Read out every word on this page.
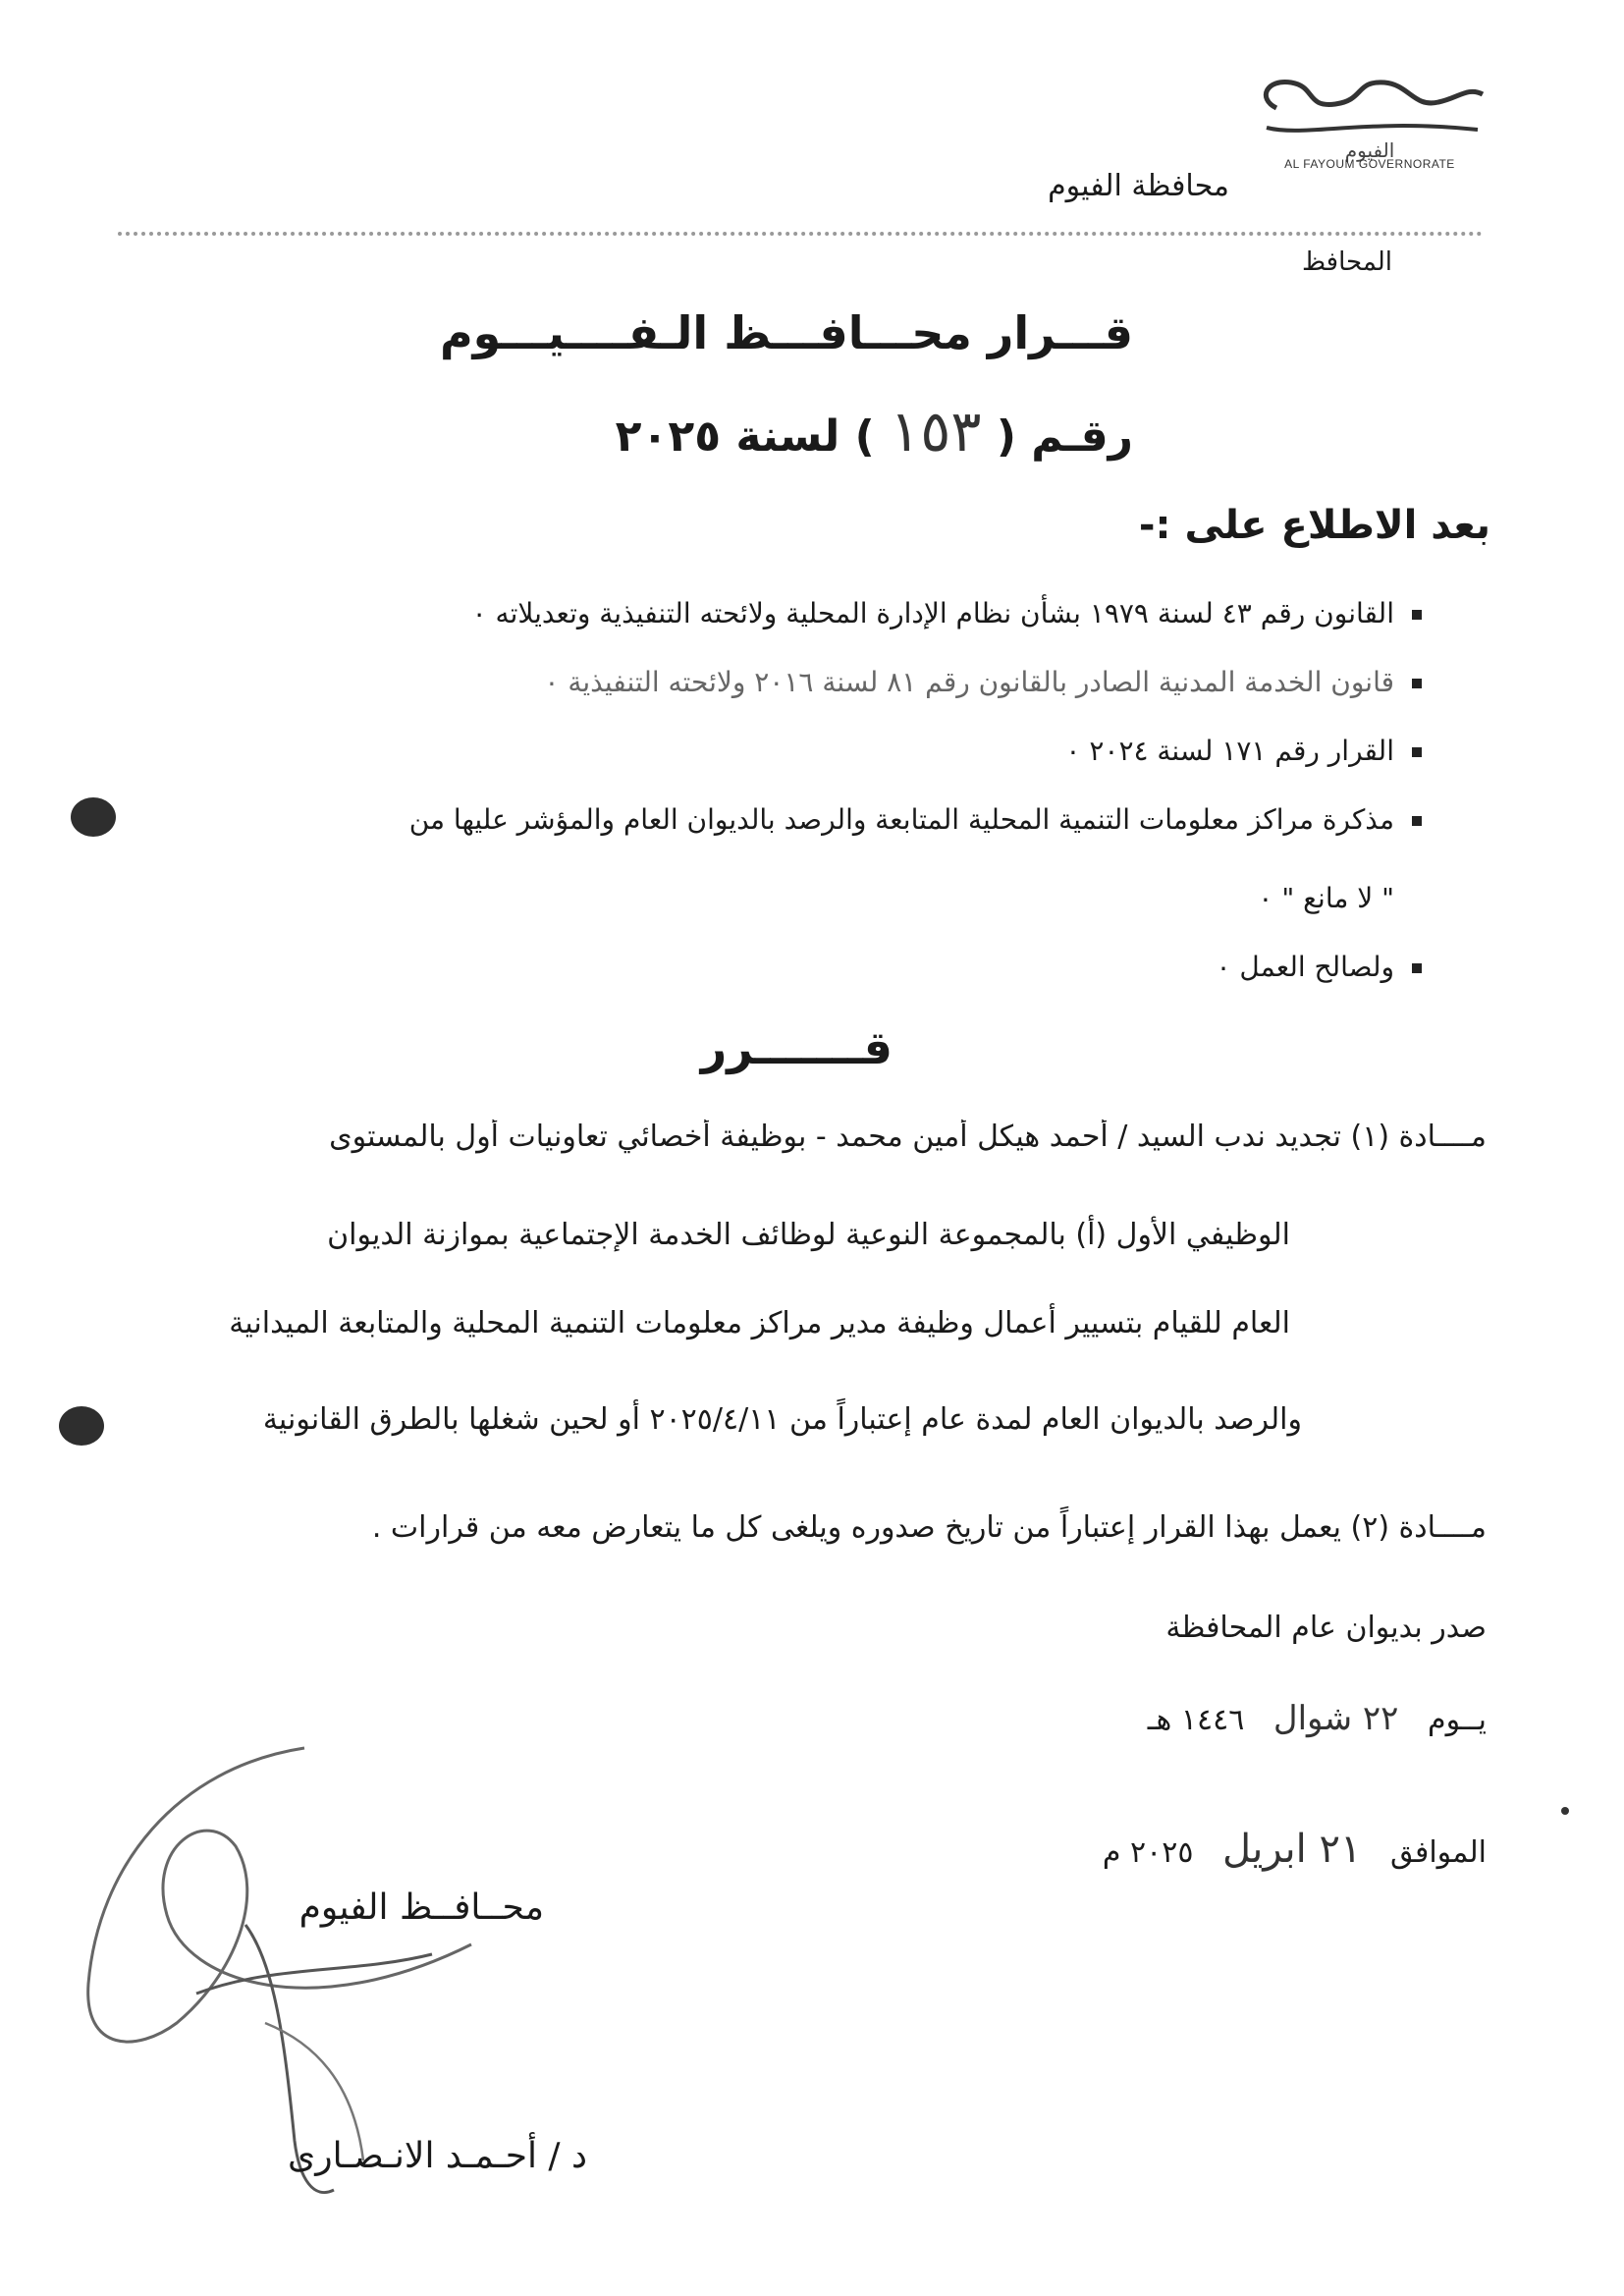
الفيوم
AL FAYOUM GOVERNORATE
محافظة الفيوم
المحافظ
قـــرار محـــافـــظ الـفــــيـــوم
رقـم ( ١٥٣ ) لسنة ٢٠٢٥
بعد الاطلاع على :-
القانون رقم ٤٣ لسنة ١٩٧٩ بشأن نظام الإدارة المحلية ولائحته التنفيذية وتعديلاته ٠
قانون الخدمة المدنية الصادر بالقانون رقم ٨١ لسنة ٢٠١٦ ولائحته التنفيذية ٠
القرار رقم ١٧١ لسنة ٢٠٢٤ ٠
مذكرة مراكز معلومات التنمية المحلية المتابعة والرصد بالديوان العام والمؤشر عليها من
" لا مانع " ٠
ولصالح العمل ٠
قـــــــرر
مــــادة (١) تجديد ندب السيد / أحمد هيكل أمين محمد - بوظيفة أخصائي تعاونيات أول بالمستوى
الوظيفي الأول (أ) بالمجموعة النوعية لوظائف الخدمة الإجتماعية بموازنة الديوان
العام للقيام بتسيير أعمال وظيفة مدير مراكز معلومات التنمية المحلية والمتابعة الميدانية
والرصد بالديوان العام لمدة عام إعتباراً من ٢٠٢٥/٤/١١ أو لحين شغلها بالطرق القانونية
مــــادة (٢) يعمل بهذا القرار إعتباراً من تاريخ صدوره ويلغى كل ما يتعارض معه من قرارات .
صدر بديوان عام المحافظة
يــوم ٢٢ شوال ١٤٤٦ هـ
الموافق ٢١ ابريل ٢٠٢٥ م
محــافــظ الفيوم
د / أحـمـد الانـصـارى
